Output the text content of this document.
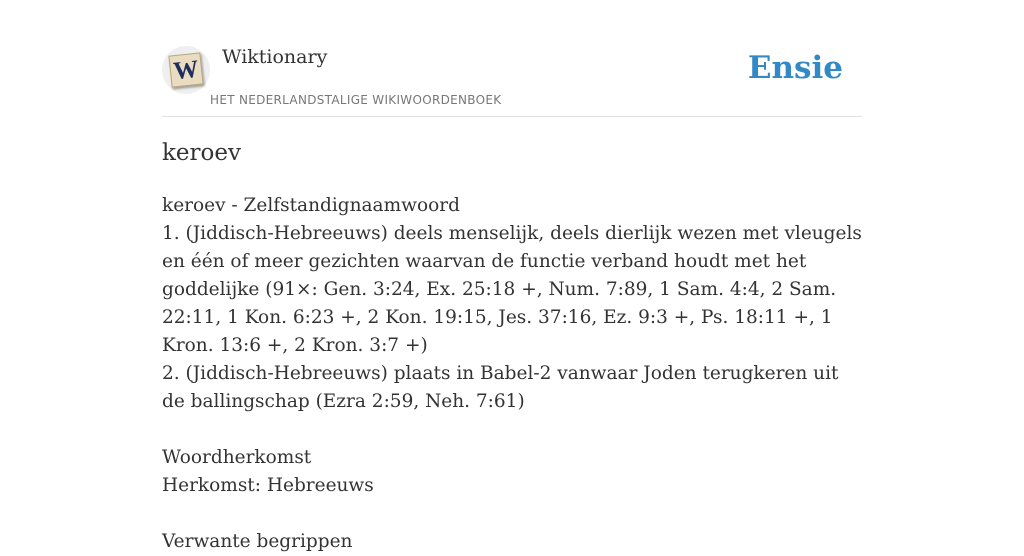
W Wiktionary
HET NEDERLANDSTALIGE WIKIWOORDENBOEK
Ensie
keroev
keroev - Zelfstandignaamwoord
1. (Jiddisch-Hebreeuws) deels menselijk, deels dierlijk wezen met vleugels en één of meer gezichten waarvan de functie verband houdt met het goddelijke (91×: Gen. 3:24, Ex. 25:18 +, Num. 7:89, 1 Sam. 4:4, 2 Sam. 22:11, 1 Kon. 6:23 +, 2 Kon. 19:15, Jes. 37:16, Ez. 9:3 +, Ps. 18:11 +, 1 Kron. 13:6 +, 2 Kron. 3:7 +)
2. (Jiddisch-Hebreeuws) plaats in Babel-2 vanwaar Joden terugkeren uit de ballingschap (Ezra 2:59, Neh. 7:61)
Woordherkomst
Herkomst: Hebreeuws
Verwante begrippen
